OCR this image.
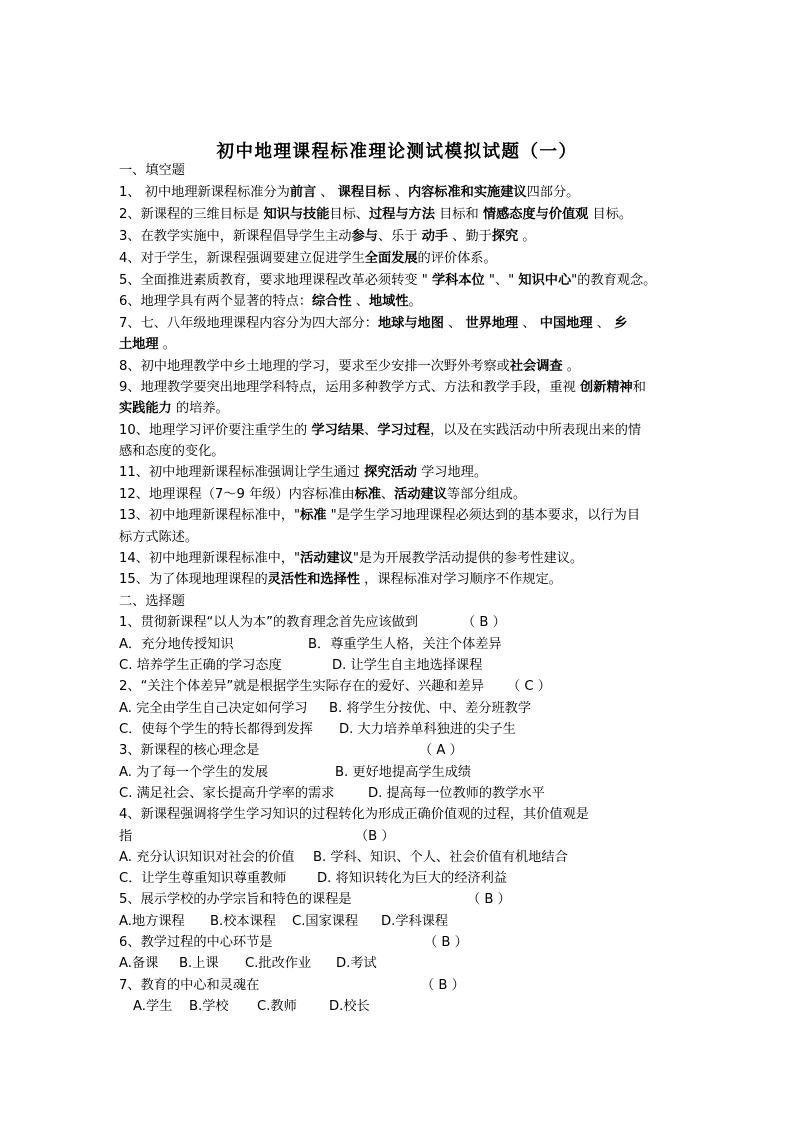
初中地理课程标准理论测试模拟试题（一）
一、填空题
1、 初中地理新课程标准分为前言 、 课程目标 、内容标准和实施建议四部分。
2、新课程的三维目标是 知识与技能目标、过程与方法 目标和 情感态度与价值观 目标。
3、在教学实施中，新课程倡导学生主动参与、乐于 动手 、勤于探究 。
4、对于学生，新课程强调要建立促进学生全面发展的评价体系。
5、全面推进素质教育，要求地理课程改革必须转变 " 学科本位 "、" 知识中心"的教育观念。
6、地理学具有两个显著的特点：综合性 、地域性。
7、七、八年级地理课程内容分为四大部分：地球与地图 、 世界地理 、 中国地理 、 乡
土地理 。
8、初中地理教学中乡土地理的学习，要求至少安排一次野外考察或社会调查 。
9、地理教学要突出地理学科特点，运用多种教学方式、方法和教学手段，重视 创新精神和
实践能力 的培养。
10、地理学习评价要注重学生的 学习结果、学习过程，以及在实践活动中所表现出来的情
感和态度的变化。
11、初中地理新课程标准强调让学生通过 探究活动 学习地理。
12、地理课程（7～9 年级）内容标准由标准、活动建议等部分组成。
13、初中地理新课程标准中，"标准 "是学生学习地理课程必须达到的基本要求，以行为目
标方式陈述。
14、初中地理新课程标准中，"活动建议"是为开展教学活动提供的参考性建议。
15、为了体现地理课程的灵活性和选择性 ，课程标准对学习顺序不作规定。
二、选择题
1、贯彻新课程“以人为本”的教育理念首先应该做到	（ B ）
A．充分地传授知识	B．尊重学生人格，关注个体差异
C. 培养学生正确的学习态度	D. 让学生自主地选择课程
2、“关注个体差异”就是根据学生实际存在的爱好、兴趣和差异 （ C ）
A. 完全由学生自己决定如何学习 B. 将学生分按优、中、差分班教学
C．使每个学生的特长都得到发挥 D. 大力培养单科独进的尖子生
3、新课程的核心理念是	（ A ）
A. 为了每一个学生的发展	B. 更好地提高学生成绩
C. 满足社会、家长提高升学率的需求	D. 提高每一位教师的教学水平
4、新课程强调将学生学习知识的过程转化为形成正确价值观的过程，其价值观是
指	（B ）
A. 充分认识知识对社会的价值 B. 学科、知识、个人、社会价值有机地结合
C．让学生尊重知识尊重教师 D. 将知识转化为巨大的经济利益
5、展示学校的办学宗旨和特色的课程是	（ B ）
A.地方课程 B.校本课程 C.国家课程 D.学科课程
6、教学过程的中心环节是	（ B ）
A.备课 B.上课 C.批改作业 D.考试
7、教育的中心和灵魂在	（ B ）
A.学生 B.学校 C.教师 D.校长
